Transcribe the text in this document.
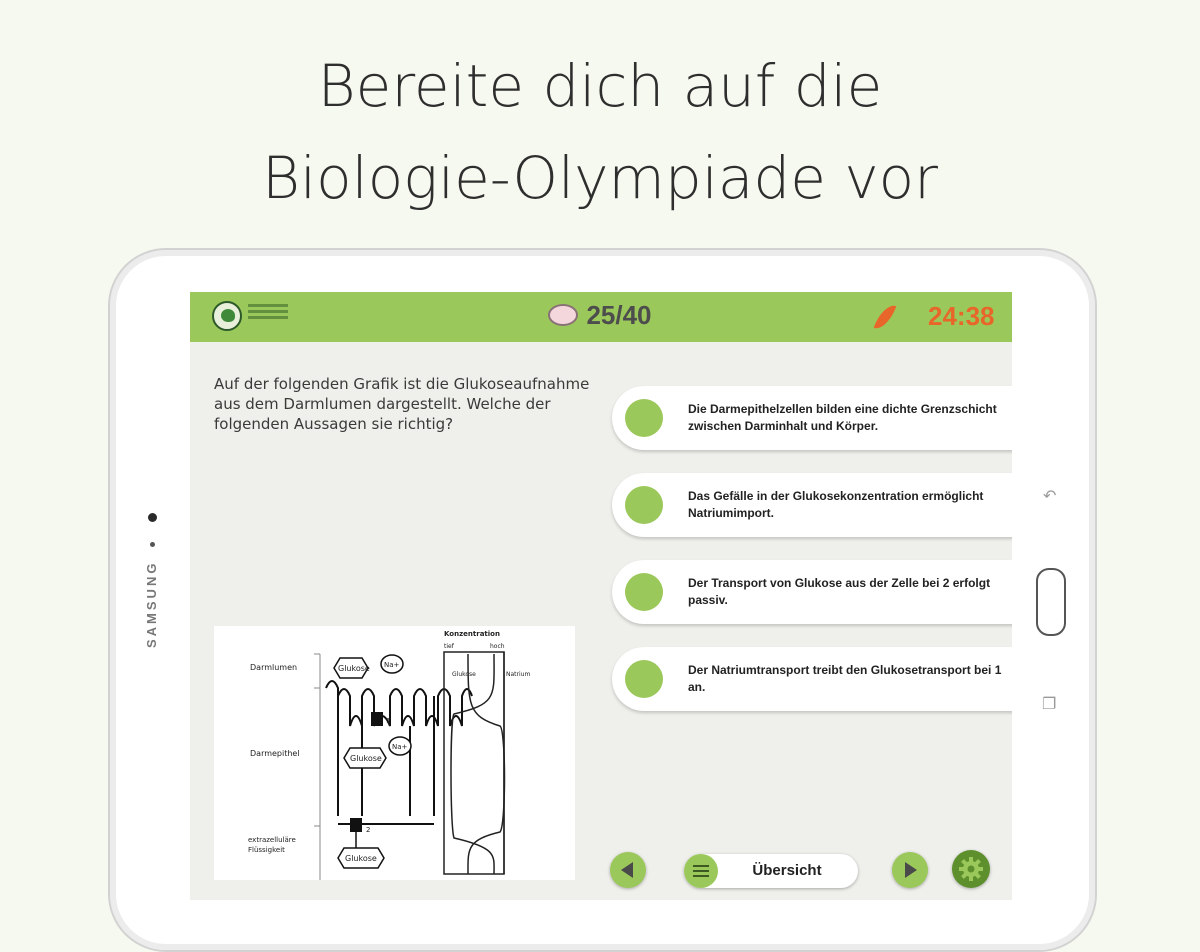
Bereite dich auf die
Biologie-Olympiade vor
SAMSUNG
↶
❐
25/40	24:38
Auf der folgenden Grafik ist die Glukoseaufnahme aus dem Darmlumen dargestellt. Welche der folgenden Aussagen sie richtig?
Darmlumen
Darmepithel
extrazelluläre
Flüssigkeit
Glukose Na+
1
Glukose
Na+
2
Glukose
Konzentration
tief	hoch
Glukose	Natrium
Die Darmepithelzellen bilden eine dichte Grenzschicht zwischen Darminhalt und Körper.
Das Gefälle in der Glukosekonzentration ermöglicht Natriumimport.
Der Transport von Glukose aus der Zelle bei 2 erfolgt passiv.
Der Natriumtransport treibt den Glukosetransport bei 1 an.
Übersicht
